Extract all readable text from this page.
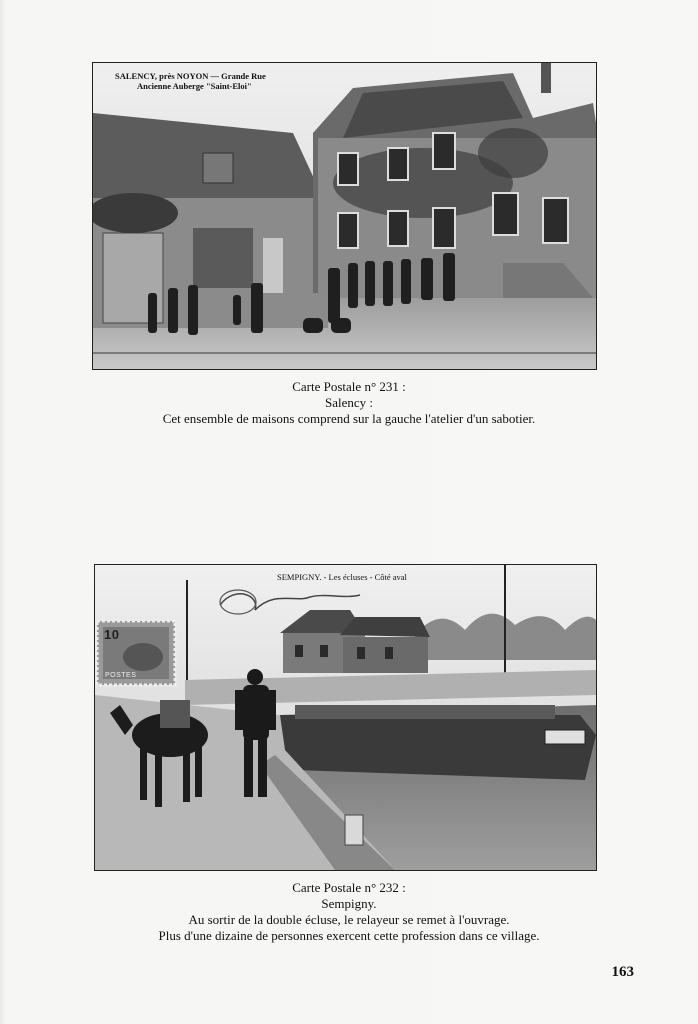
SALENCY, près NOYON — Grande Rue
Ancienne Auberge "Saint-Eloi"
Carte Postale n° 231 :
Salency :
Cet ensemble de maisons comprend sur la gauche l'atelier d'un sabotier.
SEMPIGNY. - Les écluses - Côté aval
10
POSTES
Carte Postale n° 232 :
Sempigny.
Au sortir de la double écluse, le relayeur se remet à l'ouvrage.
Plus d'une dizaine de personnes exercent cette profession dans ce village.
163
